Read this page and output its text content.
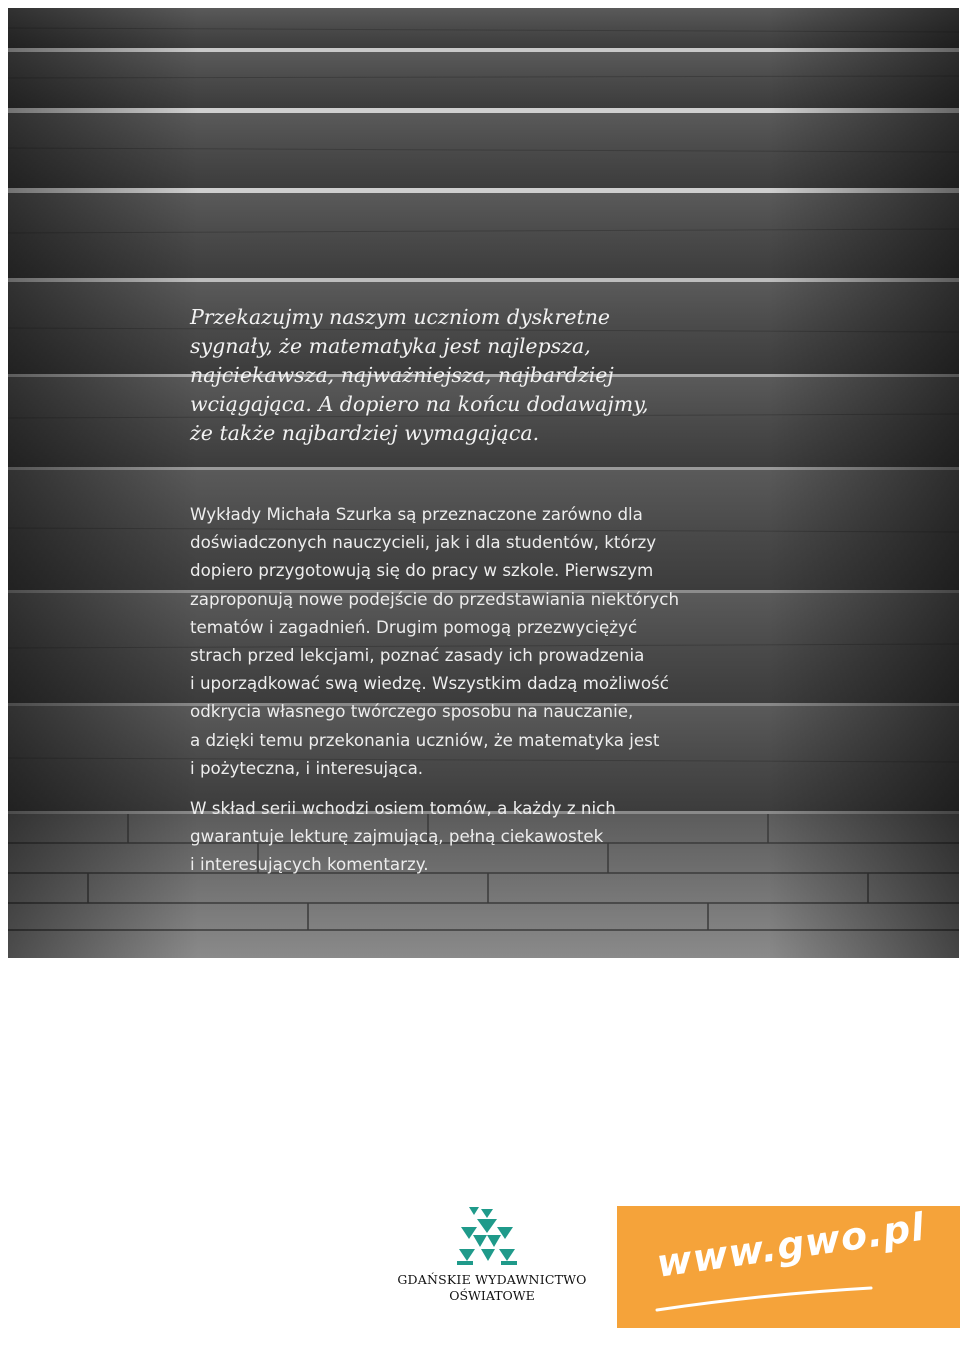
Przekazujmy naszym uczniom dyskretne
sygnały, że matematyka jest najlepsza,
najciekawsza, najważniejsza, najbardziej
wciągająca. A dopiero na końcu dodawajmy,
że także najbardziej wymagająca.
Wykłady Michała Szurka są przeznaczone zarówno dla
doświadczonych nauczycieli, jak i dla studentów, którzy
dopiero przygotowują się do pracy w szkole. Pierwszym
zaproponują nowe podejście do przedstawiania niektórych
tematów i zagadnień. Drugim pomogą przezwyciężyć
strach przed lekcjami, poznać zasady ich prowadzenia
i uporządkować swą wiedzę. Wszystkim dadzą możliwość
odkrycia własnego twórczego sposobu na nauczanie,
a dzięki temu przekonania uczniów, że matematyka jest
i pożyteczna, i interesująca.
W skład serii wchodzi osiem tomów, a każdy z nich
gwarantuje lekturę zajmującą, pełną ciekawostek
i interesujących komentarzy.
GDAŃSKIE WYDAWNICTWO
OŚWIATOWE
www.gwo.pl
